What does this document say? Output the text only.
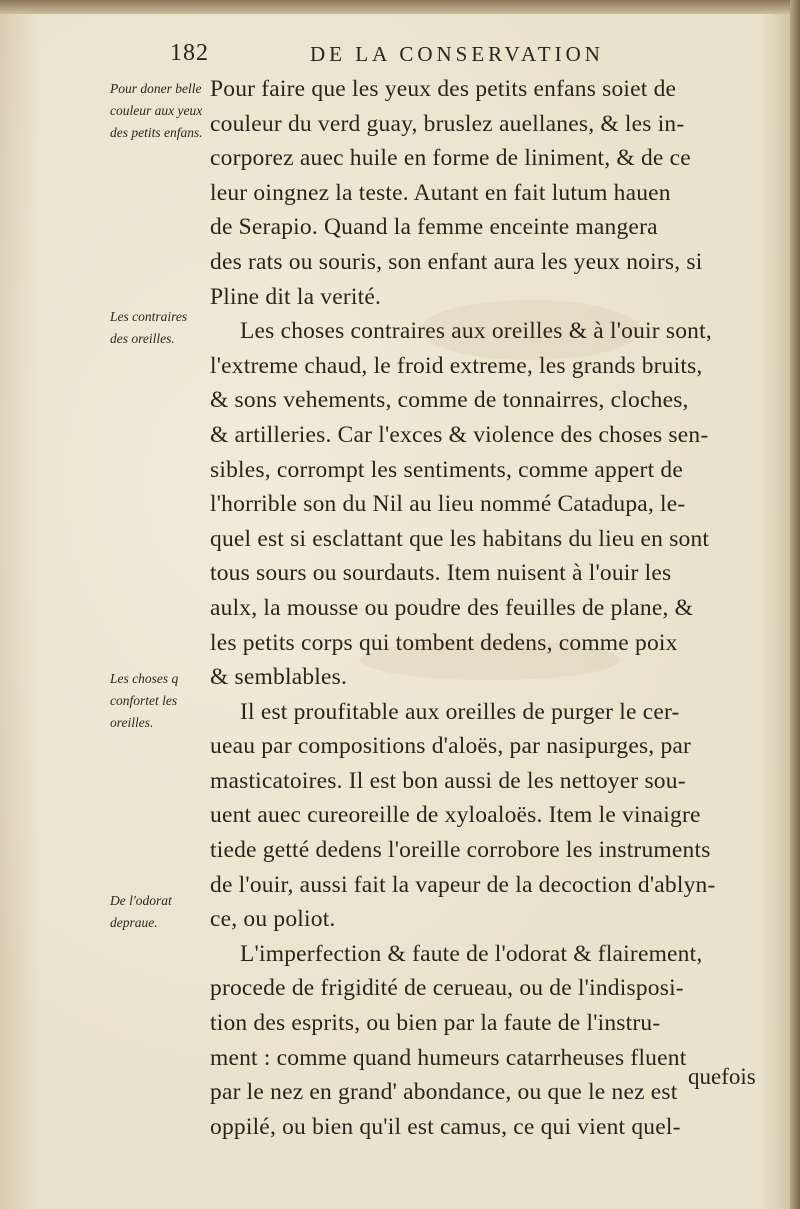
182	DE LA CONSERVATION
Pour doner belle couleur aux yeux des petits enfans.
Les contraires des oreilles.
Les choses q confortet les oreilles.
De l'odorat depraue.
Pour faire que les yeux des petits enfans soiet de
couleur du verd guay, bruslez auellanes, & les in-
corporez auec huile en forme de liniment, & de ce
leur oingnez la teste. Autant en fait lutum hauen
de Serapio. Quand la femme enceinte mangera
des rats ou souris, son enfant aura les yeux noirs, si
Pline dit la verité.
Les choses contraires aux oreilles & à l'ouir sont,
l'extreme chaud, le froid extreme, les grands bruits,
& sons vehements, comme de tonnairres, cloches,
& artilleries. Car l'exces & violence des choses sen-
sibles, corrompt les sentiments, comme appert de
l'horrible son du Nil au lieu nommé Catadupa, le-
quel est si esclattant que les habitans du lieu en sont
tous sours ou sourdauts. Item nuisent à l'ouir les
aulx, la mousse ou poudre des feuilles de plane, &
les petits corps qui tombent dedens, comme poix
& semblables.
Il est proufitable aux oreilles de purger le cer-
ueau par compositions d'aloës, par nasipurges, par
masticatoires. Il est bon aussi de les nettoyer sou-
uent auec cureoreille de xyloaloës. Item le vinaigre
tiede getté dedens l'oreille corrobore les instruments
de l'ouir, aussi fait la vapeur de la decoction d'ablyn-
ce, ou poliot.
L'imperfection & faute de l'odorat & flairement,
procede de frigidité de cerueau, ou de l'indisposi-
tion des esprits, ou bien par la faute de l'instru-
ment : comme quand humeurs catarrheuses fluent
par le nez en grand' abondance, ou que le nez est
oppilé, ou bien qu'il est camus, ce qui vient quel-
quefois
